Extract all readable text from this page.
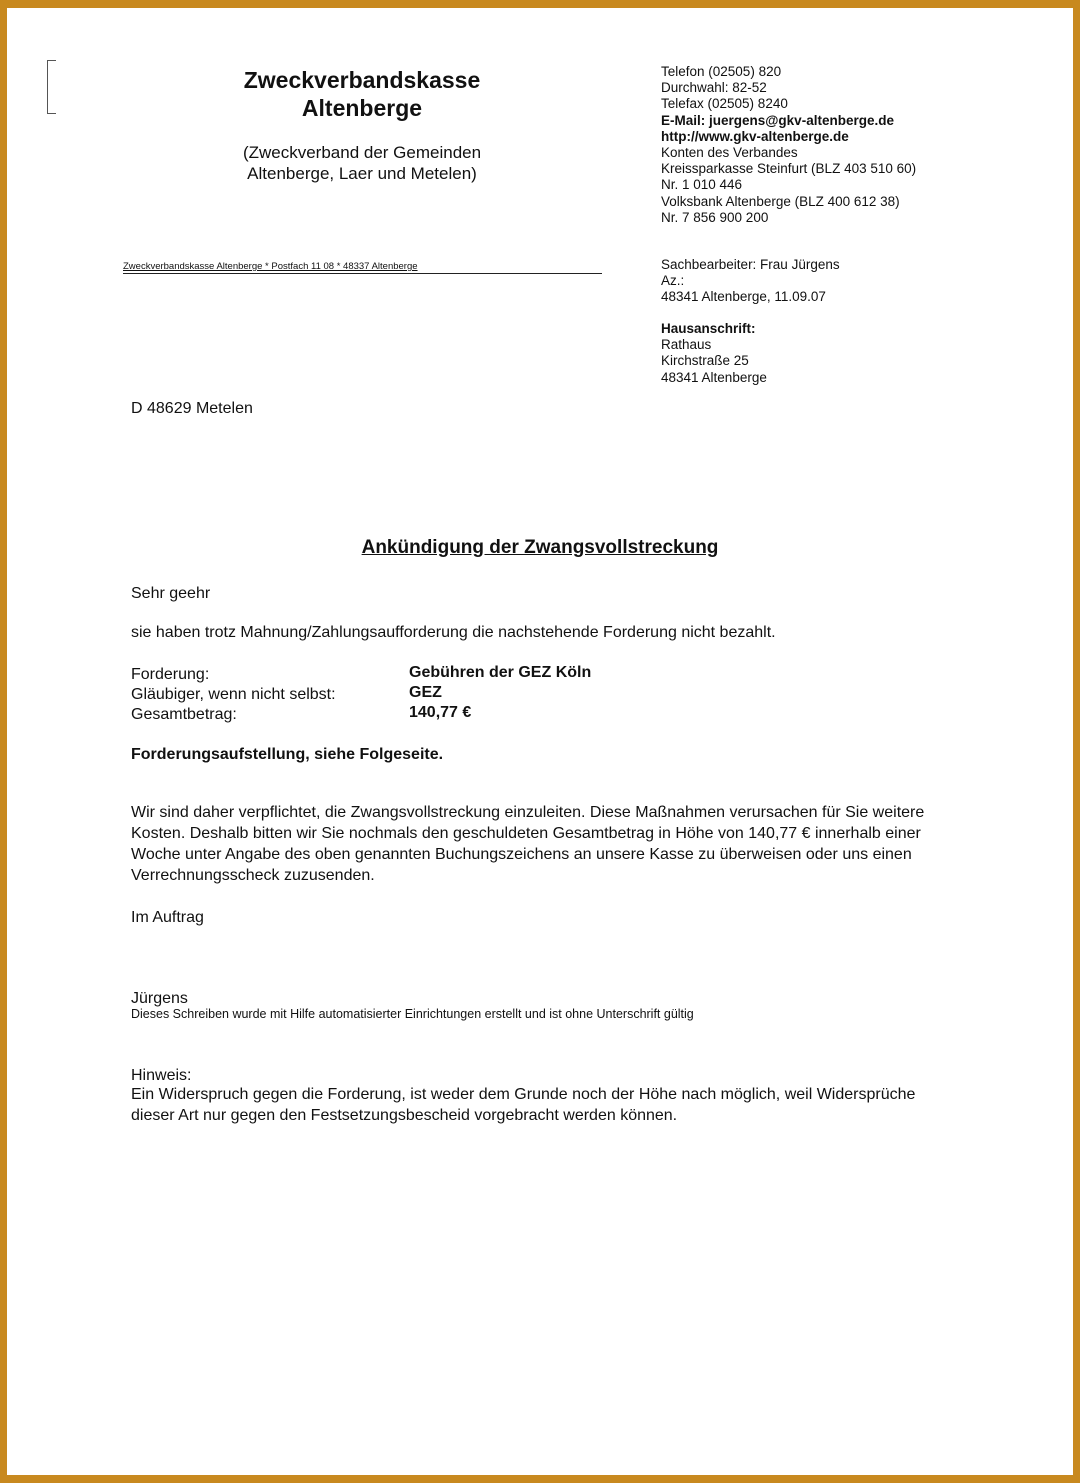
Zweckverbandskasse
Altenberge
(Zweckverband der Gemeinden
Altenberge, Laer und Metelen)
Telefon (02505) 820
Durchwahl: 82-52
Telefax (02505) 8240
E-Mail: juergens@gkv-altenberge.de
http://www.gkv-altenberge.de
Konten des Verbandes
Kreissparkasse Steinfurt (BLZ 403 510 60)
Nr. 1 010 446
Volksbank Altenberge (BLZ 400 612 38)
Nr. 7 856 900 200
Zweckverbandskasse Altenberge * Postfach 11 08 * 48337 Altenberge	Sachbearbeiter: Frau Jürgens
Az.:
48341 Altenberge, 11.09.07
Hausanschrift:
Rathaus
Kirchstraße 25
48341 Altenberge
D 48629 Metelen
Ankündigung der Zwangsvollstreckung
Sehr geehr
sie haben trotz Mahnung/Zahlungsaufforderung die nachstehende Forderung nicht bezahlt.
Forderung:	Gebühren der GEZ Köln
Gläubiger, wenn nicht selbst:	GEZ
Gesamtbetrag:	140,77 €
Forderungsaufstellung, siehe Folgeseite.
Wir sind daher verpflichtet, die Zwangsvollstreckung einzuleiten. Diese Maßnahmen verursachen für Sie weitere Kosten. Deshalb bitten wir Sie nochmals den geschuldeten Gesamtbetrag in Höhe von 140,77 € innerhalb einer Woche unter Angabe des oben genannten Buchungszeichens an unsere Kasse zu überweisen oder uns einen Verrechnungsscheck zuzusenden.
Im Auftrag
Jürgens
Dieses Schreiben wurde mit Hilfe automatisierter Einrichtungen erstellt und ist ohne Unterschrift gültig
Hinweis:
Ein Widerspruch gegen die Forderung, ist weder dem Grunde noch der Höhe nach möglich, weil Widersprüche dieser Art nur gegen den Festsetzungsbescheid vorgebracht werden können.
